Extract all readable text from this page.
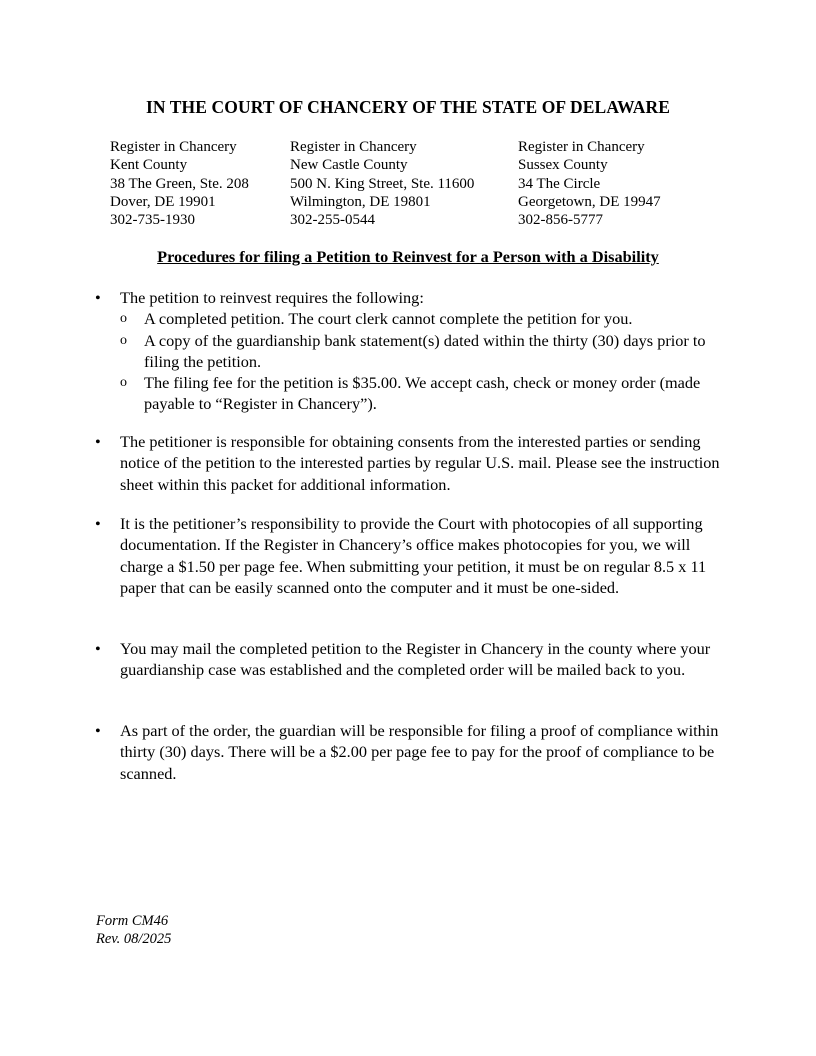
IN THE COURT OF CHANCERY OF THE STATE OF DELAWARE
Register in Chancery
Kent County
38 The Green, Ste. 208
Dover, DE 19901
302-735-1930
Register in Chancery
New Castle County
500 N. King Street, Ste. 11600
Wilmington, DE 19801
302-255-0544
Register in Chancery
Sussex County
34 The Circle
Georgetown, DE 19947
302-856-5777
Procedures for filing a Petition to Reinvest for a Person with a Disability
•	The petition to reinvest requires the following:
o A completed petition. The court clerk cannot complete the petition for you.
o A copy of the guardianship bank statement(s) dated within the thirty (30) days prior to filing the petition.
o The filing fee for the petition is $35.00. We accept cash, check or money order (made payable to “Register in Chancery”).
•	The petitioner is responsible for obtaining consents from the interested parties or sending notice of the petition to the interested parties by regular U.S. mail. Please see the instruction sheet within this packet for additional information.
•	It is the petitioner’s responsibility to provide the Court with photocopies of all supporting documentation. If the Register in Chancery’s office makes photocopies for you, we will charge a $1.50 per page fee. When submitting your petition, it must be on regular 8.5 x 11 paper that can be easily scanned onto the computer and it must be one-sided.
•	You may mail the completed petition to the Register in Chancery in the county where your guardianship case was established and the completed order will be mailed back to you.
•	As part of the order, the guardian will be responsible for filing a proof of compliance within thirty (30) days. There will be a $2.00 per page fee to pay for the proof of compliance to be scanned.
Form CM46
Rev. 08/2025
